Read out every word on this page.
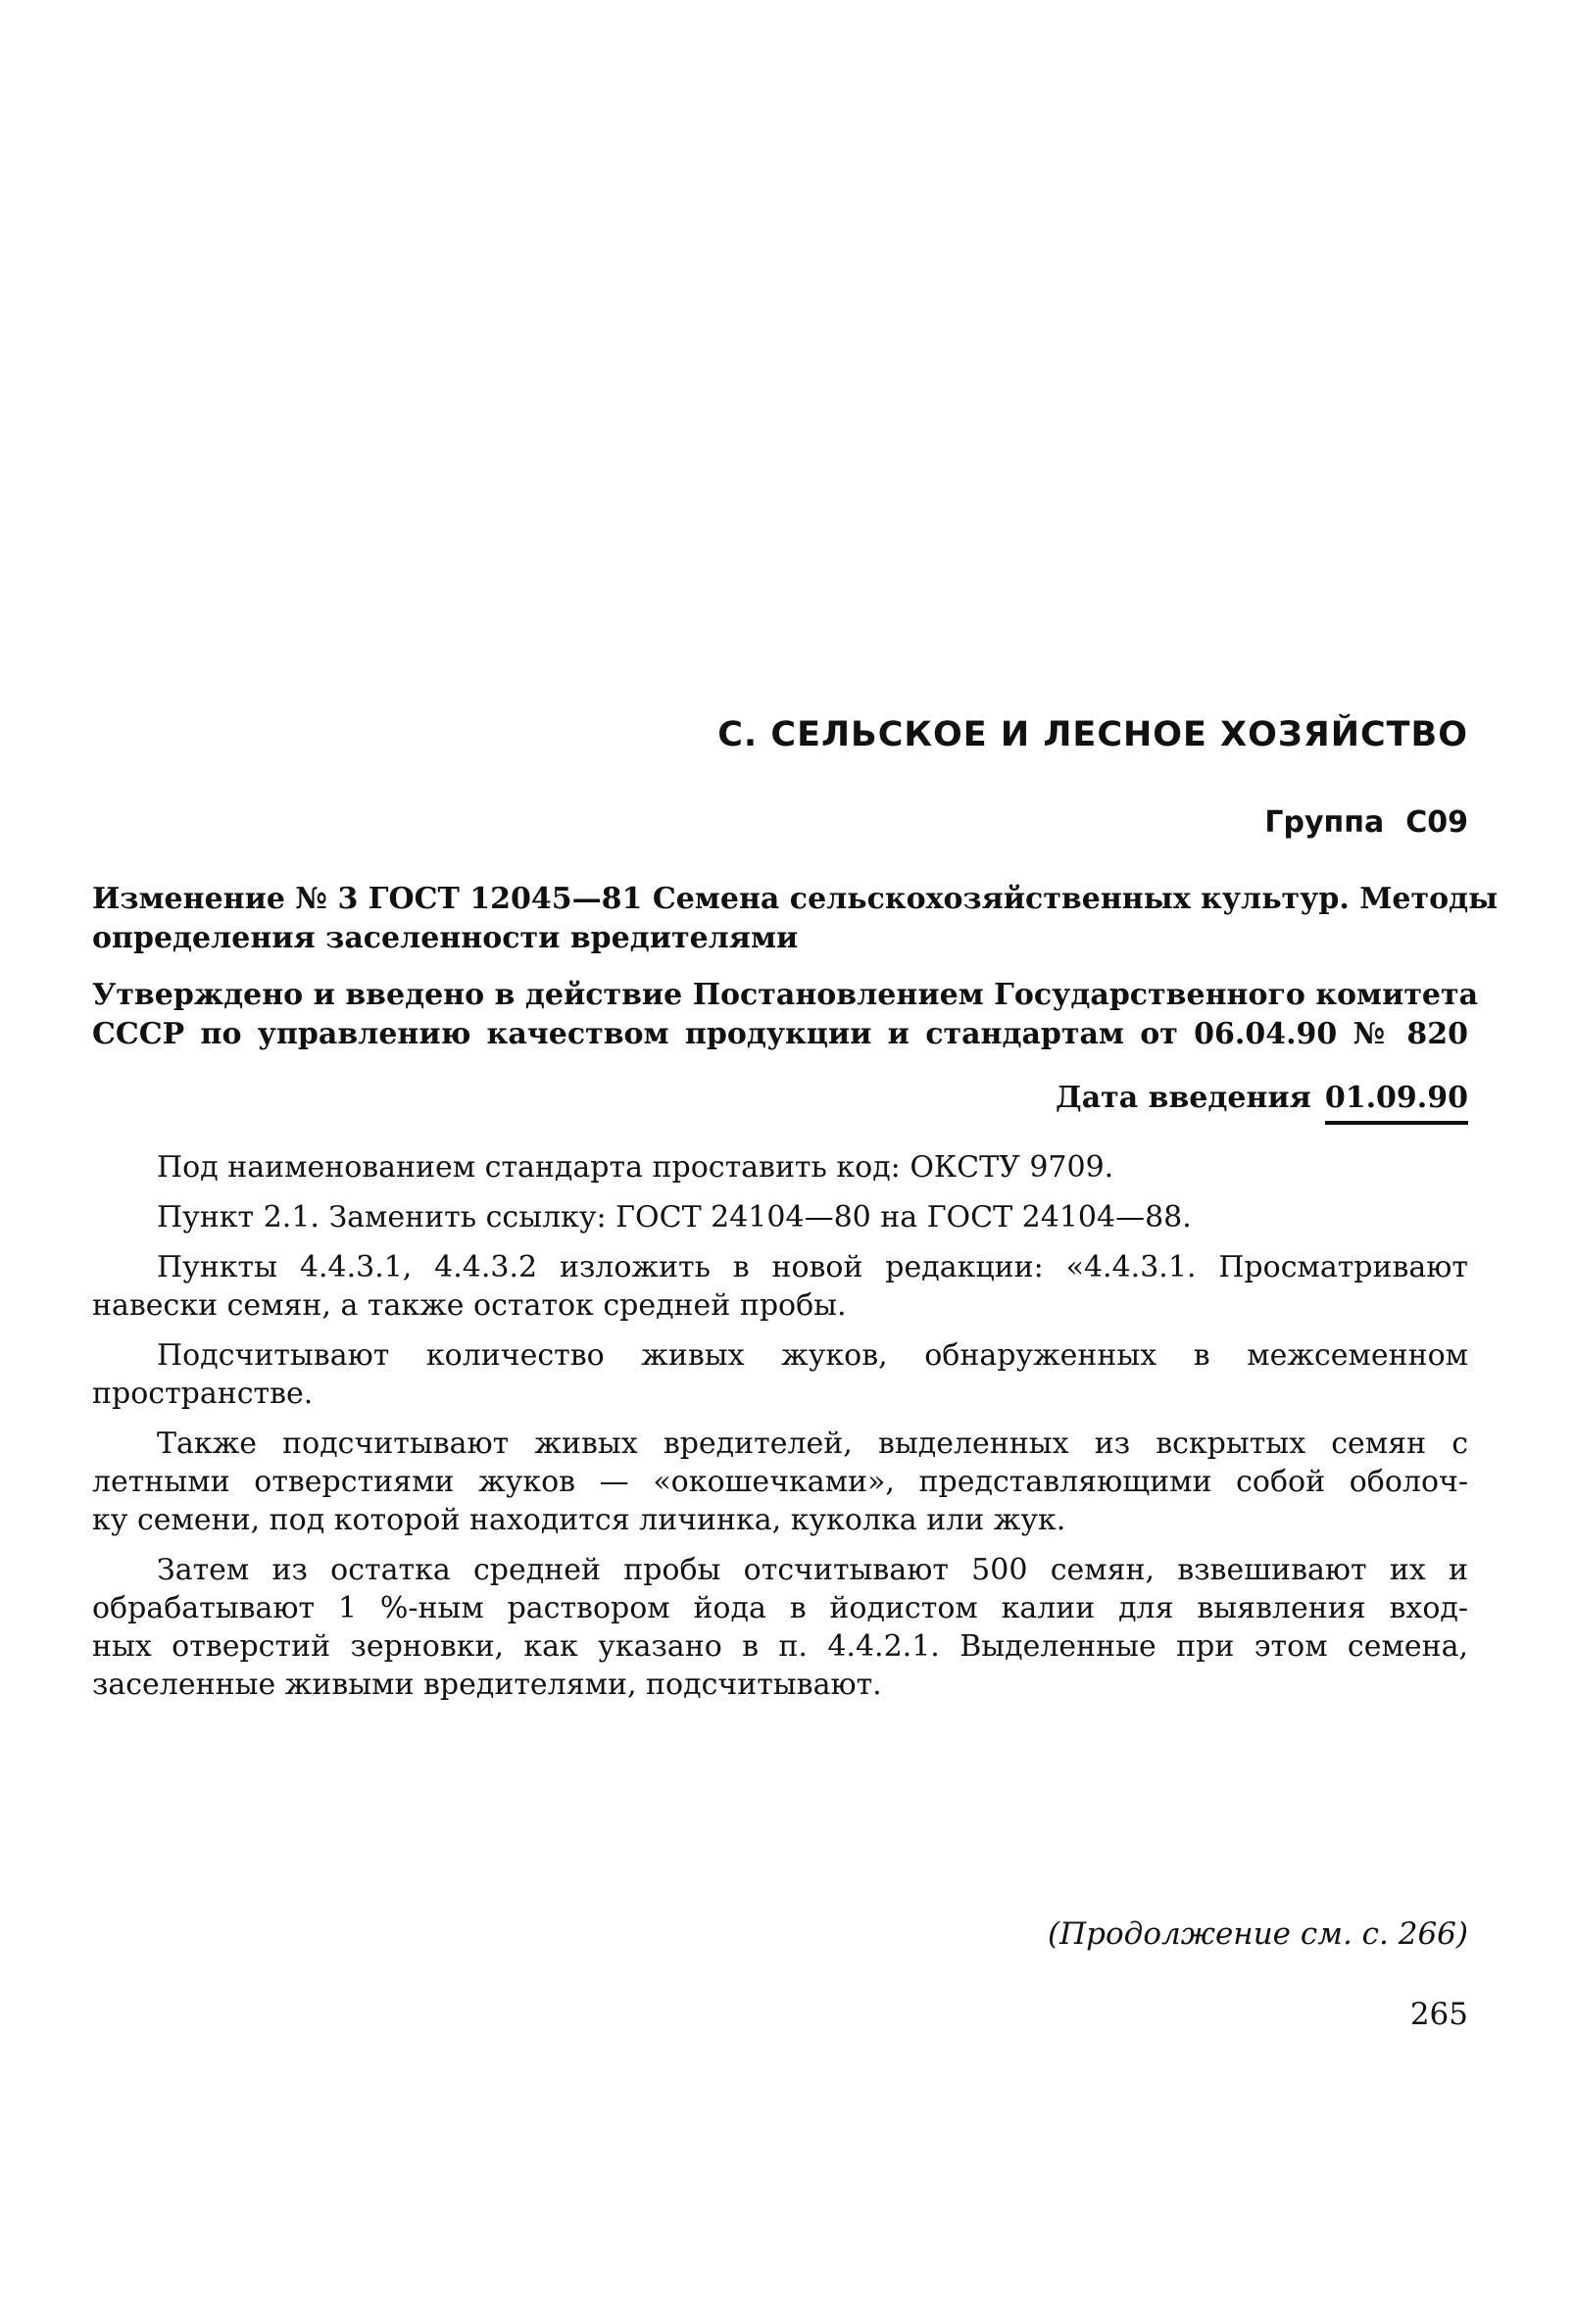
С. СЕЛЬСКОЕ И ЛЕСНОЕ ХОЗЯЙСТВО
Группа С09
Изменение № 3 ГОСТ 12045—81 Семена сельскохозяйственных культур. Методы
определения заселенности вредителями
Утверждено и введено в действие Постановлением Государственного комитета
СССР по управлению качеством продукции и стандартам от 06.04.90 № 820
Дата введения 01.09.90

Под наименованием стандарта проставить код: ОКСТУ 9709.

Пункт 2.1. Заменить ссылку: ГОСТ 24104—80 на ГОСТ 24104—88.

Пункты 4.4.3.1, 4.4.3.2 изложить в новой редакции: «4.4.3.1. Просматривают
навески семян, а также остаток средней пробы.

Подсчитывают количество живых жуков, обнаруженных в межсеменном
пространстве.

Также подсчитывают живых вредителей, выделенных из вскрытых семян с
летными отверстиями жуков — «окошечками», представляющими собой оболоч-
ку семени, под которой находится личинка, куколка или жук.

Затем из остатка средней пробы отсчитывают 500 семян, взвешивают их и
обрабатывают 1 %-ным раствором йода в йодистом калии для выявления вход-
ных отверстий зерновки, как указано в п. 4.4.2.1. Выделенные при этом семена,
заселенные живыми вредителями, подсчитывают.

(Продолжение см. с. 266)
265
